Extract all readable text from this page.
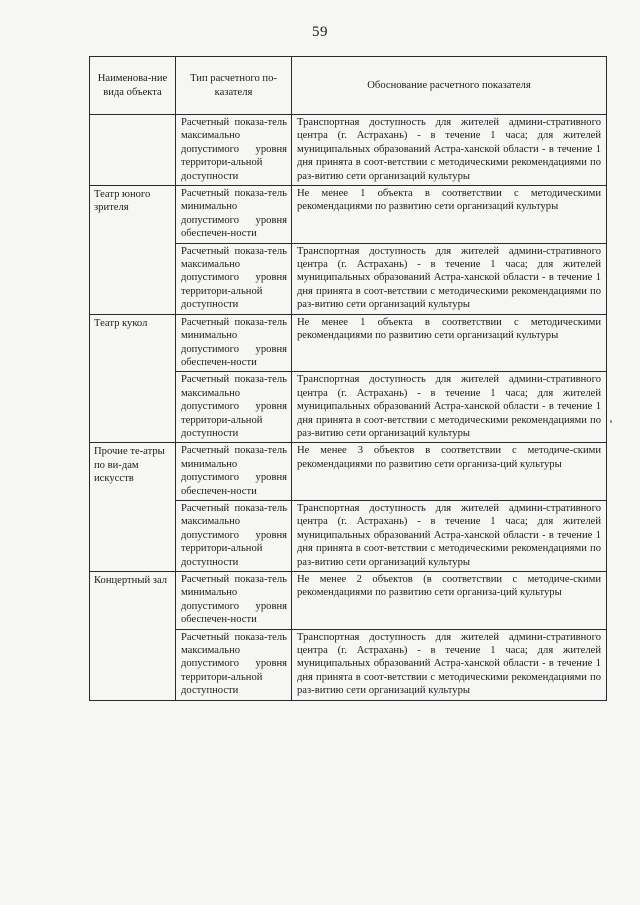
59
Наименова-ние вида объекта	Тип расчетного по-казателя	Обоснование расчетного показателя
	Расчетный показа-тель максимально допустимого уровня территори-альной доступности	Транспортная доступность для жителей админи-стративного центра (г. Астрахань) - в течение 1 часа; для жителей муниципальных образований Астра-ханской области - в течение 1 дня принята в соот-ветствии с методическими рекомендациями по раз-витию сети организаций культуры
Театр юного зрителя	Расчетный показа-тель минимально допустимого уровня обеспечен-ности	Не менее 1 объекта в соответствии с методическими рекомендациями по развитию сети организаций культуры
	Расчетный показа-тель максимально допустимого уровня территори-альной доступности	Транспортная доступность для жителей админи-стративного центра (г. Астрахань) - в течение 1 часа; для жителей муниципальных образований Астра-ханской области - в течение 1 дня принята в соот-ветствии с методическими рекомендациями по раз-витию сети организаций культуры
Театр кукол	Расчетный показа-тель минимально допустимого уровня обеспечен-ности	Не менее 1 объекта в соответствии с методическими рекомендациями по развитию сети организаций культуры
	Расчетный показа-тель максимально допустимого уровня территори-альной доступности	Транспортная доступность для жителей админи-стративного центра (г. Астрахань) - в течение 1 часа; для жителей муниципальных образований Астра-ханской области - в течение 1 дня принята в соот-ветствии с методическими рекомендациями по раз-витию сети организаций культуры
Прочие те-атры по ви-дам искусств	Расчетный показа-тель минимально допустимого уровня обеспечен-ности	Не менее 3 объектов в соответствии с методиче-скими рекомендациями по развитию сети организа-ций культуры
	Расчетный показа-тель максимально допустимого уровня территори-альной доступности	Транспортная доступность для жителей админи-стративного центра (г. Астрахань) - в течение 1 часа; для жителей муниципальных образований Астра-ханской области - в течение 1 дня принята в соот-ветствии с методическими рекомендациями по раз-витию сети организаций культуры
Концертный зал	Расчетный показа-тель минимально допустимого уровня обеспечен-ности	Не менее 2 объектов (в соответствии с методиче-скими рекомендациями по развитию сети организа-ций культуры
	Расчетный показа-тель максимально допустимого уровня территори-альной доступности	Транспортная доступность для жителей админи-стративного центра (г. Астрахань) - в течение 1 часа; для жителей муниципальных образований Астра-ханской области - в течение 1 дня принята в соот-ветствии с методическими рекомендациями по раз-витию сети организаций культуры
